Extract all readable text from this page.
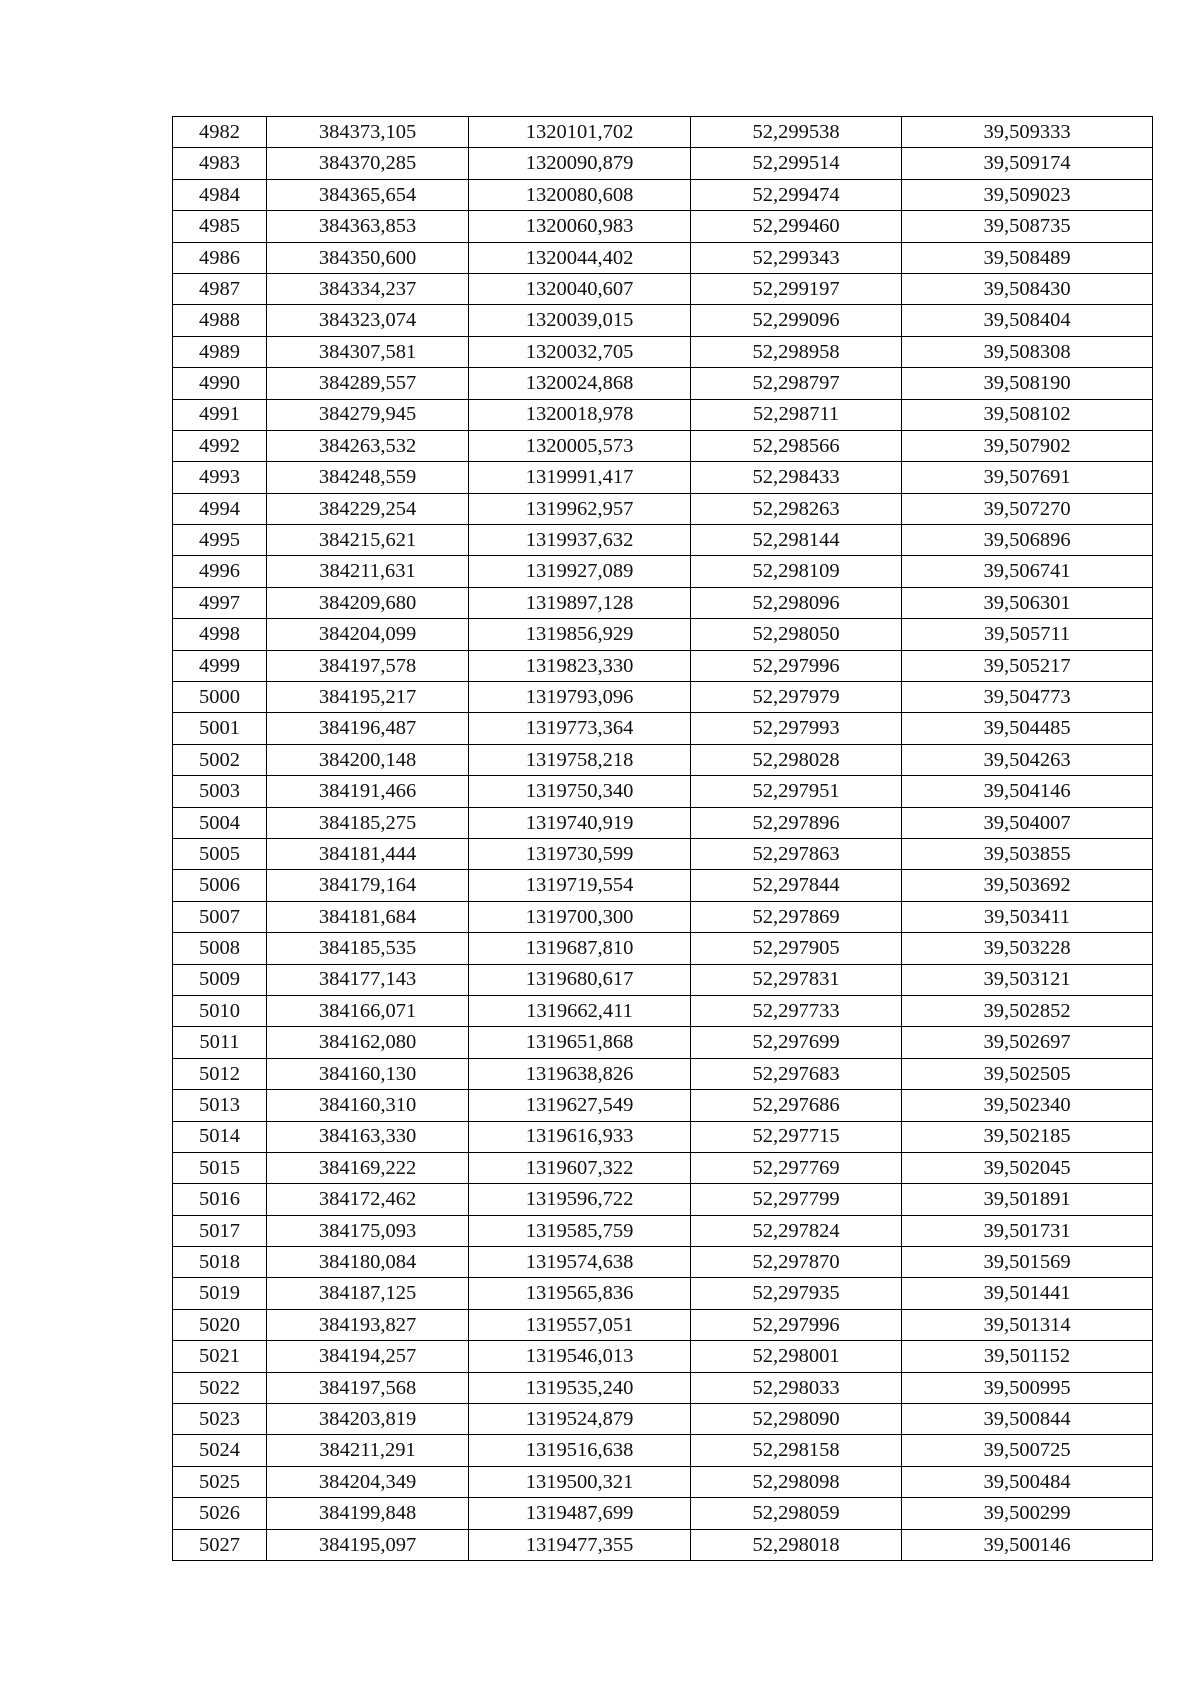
4982	384373,105	1320101,702	52,299538	39,509333
4983	384370,285	1320090,879	52,299514	39,509174
4984	384365,654	1320080,608	52,299474	39,509023
4985	384363,853	1320060,983	52,299460	39,508735
4986	384350,600	1320044,402	52,299343	39,508489
4987	384334,237	1320040,607	52,299197	39,508430
4988	384323,074	1320039,015	52,299096	39,508404
4989	384307,581	1320032,705	52,298958	39,508308
4990	384289,557	1320024,868	52,298797	39,508190
4991	384279,945	1320018,978	52,298711	39,508102
4992	384263,532	1320005,573	52,298566	39,507902
4993	384248,559	1319991,417	52,298433	39,507691
4994	384229,254	1319962,957	52,298263	39,507270
4995	384215,621	1319937,632	52,298144	39,506896
4996	384211,631	1319927,089	52,298109	39,506741
4997	384209,680	1319897,128	52,298096	39,506301
4998	384204,099	1319856,929	52,298050	39,505711
4999	384197,578	1319823,330	52,297996	39,505217
5000	384195,217	1319793,096	52,297979	39,504773
5001	384196,487	1319773,364	52,297993	39,504485
5002	384200,148	1319758,218	52,298028	39,504263
5003	384191,466	1319750,340	52,297951	39,504146
5004	384185,275	1319740,919	52,297896	39,504007
5005	384181,444	1319730,599	52,297863	39,503855
5006	384179,164	1319719,554	52,297844	39,503692
5007	384181,684	1319700,300	52,297869	39,503411
5008	384185,535	1319687,810	52,297905	39,503228
5009	384177,143	1319680,617	52,297831	39,503121
5010	384166,071	1319662,411	52,297733	39,502852
5011	384162,080	1319651,868	52,297699	39,502697
5012	384160,130	1319638,826	52,297683	39,502505
5013	384160,310	1319627,549	52,297686	39,502340
5014	384163,330	1319616,933	52,297715	39,502185
5015	384169,222	1319607,322	52,297769	39,502045
5016	384172,462	1319596,722	52,297799	39,501891
5017	384175,093	1319585,759	52,297824	39,501731
5018	384180,084	1319574,638	52,297870	39,501569
5019	384187,125	1319565,836	52,297935	39,501441
5020	384193,827	1319557,051	52,297996	39,501314
5021	384194,257	1319546,013	52,298001	39,501152
5022	384197,568	1319535,240	52,298033	39,500995
5023	384203,819	1319524,879	52,298090	39,500844
5024	384211,291	1319516,638	52,298158	39,500725
5025	384204,349	1319500,321	52,298098	39,500484
5026	384199,848	1319487,699	52,298059	39,500299
5027	384195,097	1319477,355	52,298018	39,500146
